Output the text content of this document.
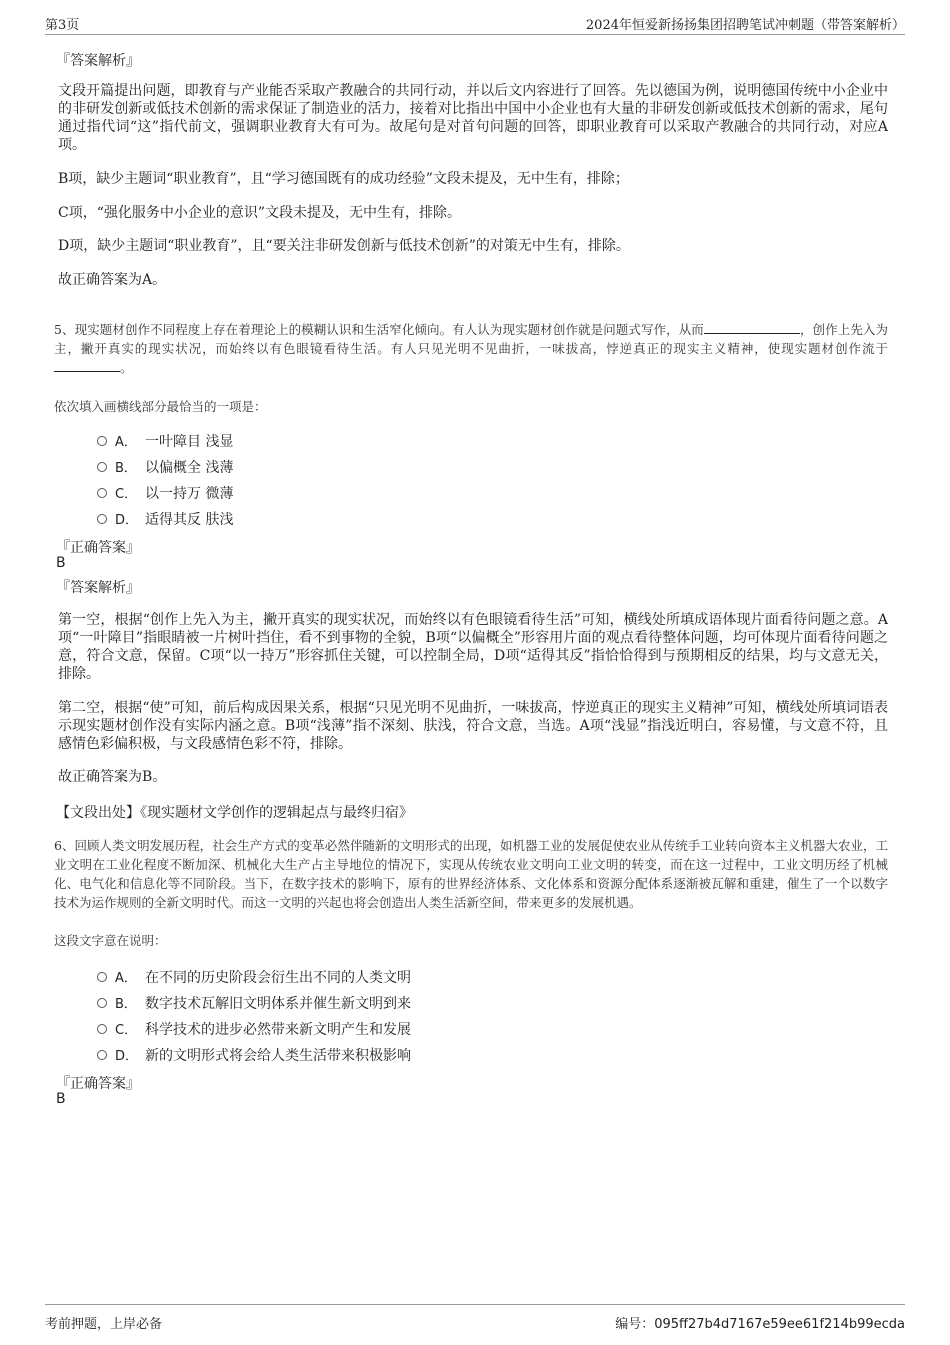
第3页	2024年恒爱新扬扬集团招聘笔试冲刺题（带答案解析）
『答案解析』
文段开篇提出问题，即教育与产业能否采取产教融合的共同行动，并以后文内容进行了回答。先以德国为例，说明德国传统中小企业中的非研发创新或低技术创新的需求保证了制造业的活力，接着对比指出中国中小企业也有大量的非研发创新或低技术创新的需求，尾句通过指代词“这”指代前文，强调职业教育大有可为。故尾句是对首句问题的回答，即职业教育可以采取产教融合的共同行动，对应A项。
B项，缺少主题词“职业教育”，且“学习德国既有的成功经验”文段未提及，无中生有，排除；
C项，“强化服务中小企业的意识”文段未提及，无中生有，排除。
D项，缺少主题词“职业教育”，且“要关注非研发创新与低技术创新”的对策无中生有，排除。
故正确答案为A。
5、现实题材创作不同程度上存在着理论上的模糊认识和生活窄化倾向。有人认为现实题材创作就是问题式写作，从而	，创作上先入为主，撇开真实的现实状况，而始终以有色眼镜看待生活。有人只见光明不见曲折，一味拔高，悖逆真正的现实主义精神，使现实题材创作流于。
依次填入画横线部分最恰当的一项是：
A． 一叶障目 浅显
B． 以偏概全 浅薄
C． 以一持万 微薄
D． 适得其反 肤浅
『正确答案』
B
『答案解析』
第一空，根据“创作上先入为主，撇开真实的现实状况，而始终以有色眼镜看待生活”可知，横线处所填成语体现片面看待问题之意。A项“一叶障目”指眼睛被一片树叶挡住，看不到事物的全貌，B项“以偏概全”形容用片面的观点看待整体问题，均可体现片面看待问题之意，符合文意，保留。C项“以一持万”形容抓住关键，可以控制全局，D项“适得其反”指恰恰得到与预期相反的结果，均与文意无关，排除。
第二空，根据“使”可知，前后构成因果关系，根据“只见光明不见曲折，一味拔高，悖逆真正的现实主义精神”可知，横线处所填词语表示现实题材创作没有实际内涵之意。B项“浅薄”指不深刻、肤浅，符合文意，当选。A项“浅显”指浅近明白，容易懂，与文意不符，且感情色彩偏积极，与文段感情色彩不符，排除。
故正确答案为B。
【文段出处】《现实题材文学创作的逻辑起点与最终归宿》
6、回顾人类文明发展历程，社会生产方式的变革必然伴随新的文明形式的出现，如机器工业的发展促使农业从传统手工业转向资本主义机器大农业，工业文明在工业化程度不断加深、机械化大生产占主导地位的情况下，实现从传统农业文明向工业文明的转变，而在这一过程中，工业文明历经了机械化、电气化和信息化等不同阶段。当下，在数字技术的影响下，原有的世界经济体系、文化体系和资源分配体系逐渐被瓦解和重建，催生了一个以数字技术为运作规则的全新文明时代。而这一文明的兴起也将会创造出人类生活新空间，带来更多的发展机遇。
这段文字意在说明：
A． 在不同的历史阶段会衍生出不同的人类文明
B． 数字技术瓦解旧文明体系并催生新文明到来
C． 科学技术的进步必然带来新文明产生和发展
D． 新的文明形式将会给人类生活带来积极影响
『正确答案』
B
考前押题，上岸必备	编号：095ff27b4d7167e59ee61f214b99ecda
